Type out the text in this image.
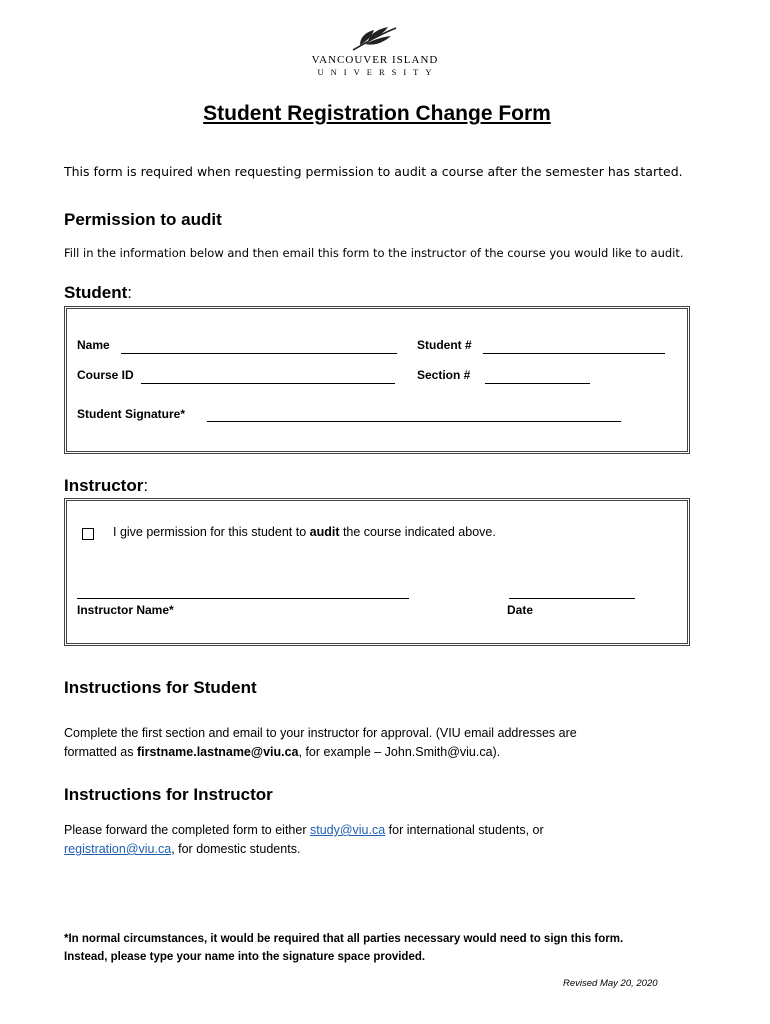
VANCOUVER ISLAND
UNIVERSITY
Student Registration Change Form
This form is required when requesting permission to audit a course after the semester has started.
Permission to audit
Fill in the information below and then email this form to the instructor of the course you would like to audit.
Student:
Name	Student #
Course ID	Section #
Student Signature*
Instructor:
I give permission for this student to audit the course indicated above.
Instructor Name*	Date
Instructions for Student
Complete the first section and email to your instructor for approval. (VIU email addresses are
formatted as firstname.lastname@viu.ca, for example – John.Smith@viu.ca).
Instructions for Instructor
Please forward the completed form to either study@viu.ca for international students, or
registration@viu.ca, for domestic students.
*In normal circumstances, it would be required that all parties necessary would need to sign this form.
Instead, please type your name into the signature space provided.
Revised May 20, 2020
